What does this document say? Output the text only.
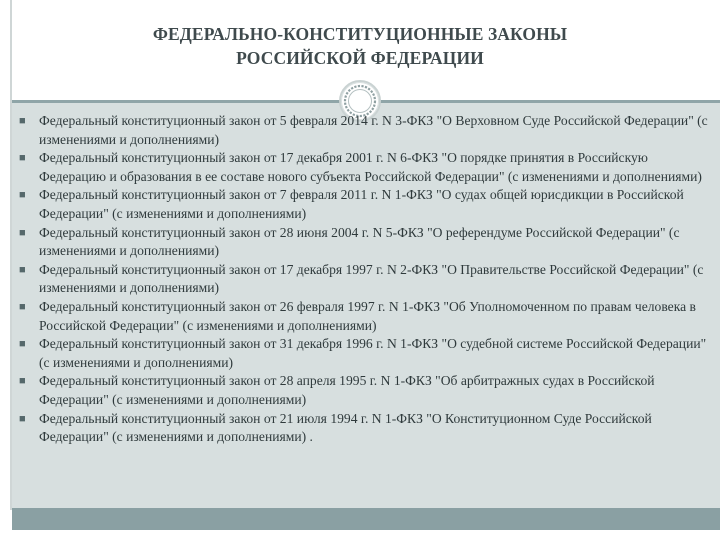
ФЕДЕРАЛЬНО-КОНСТИТУЦИОННЫЕ ЗАКОНЫ
РОССИЙСКОЙ ФЕДЕРАЦИИ
■ Федеральный конституционный закон от 5 февраля 2014 г. N 3-ФКЗ "О Верховном Суде Российской Федерации" (с изменениями и дополнениями)
■ Федеральный конституционный закон от 17 декабря 2001 г. N 6-ФКЗ "О порядке принятия в Российскую Федерацию и образования в ее составе нового субъекта Российской Федерации" (с изменениями и дополнениями)
■ Федеральный конституционный закон от 7 февраля 2011 г. N 1-ФКЗ "О судах общей юрисдикции в Российской Федерации" (с изменениями и дополнениями)
■ Федеральный конституционный закон от 28 июня 2004 г. N 5-ФКЗ "О референдуме Российской Федерации" (с изменениями и дополнениями)
■ Федеральный конституционный закон от 17 декабря 1997 г. N 2-ФКЗ "О Правительстве Российской Федерации" (с изменениями и дополнениями)
■ Федеральный конституционный закон от 26 февраля 1997 г. N 1-ФКЗ "Об Уполномоченном по правам человека в Российской Федерации" (с изменениями и дополнениями)
■ Федеральный конституционный закон от 31 декабря 1996 г. N 1-ФКЗ "О судебной системе Российской Федерации" (с изменениями и дополнениями)
■ Федеральный конституционный закон от 28 апреля 1995 г. N 1-ФКЗ "Об арбитражных судах в Российской Федерации" (с изменениями и дополнениями)
■ Федеральный конституционный закон от 21 июля 1994 г. N 1-ФКЗ "О Конституционном Суде Российской Федерации" (с изменениями и дополнениями) .
